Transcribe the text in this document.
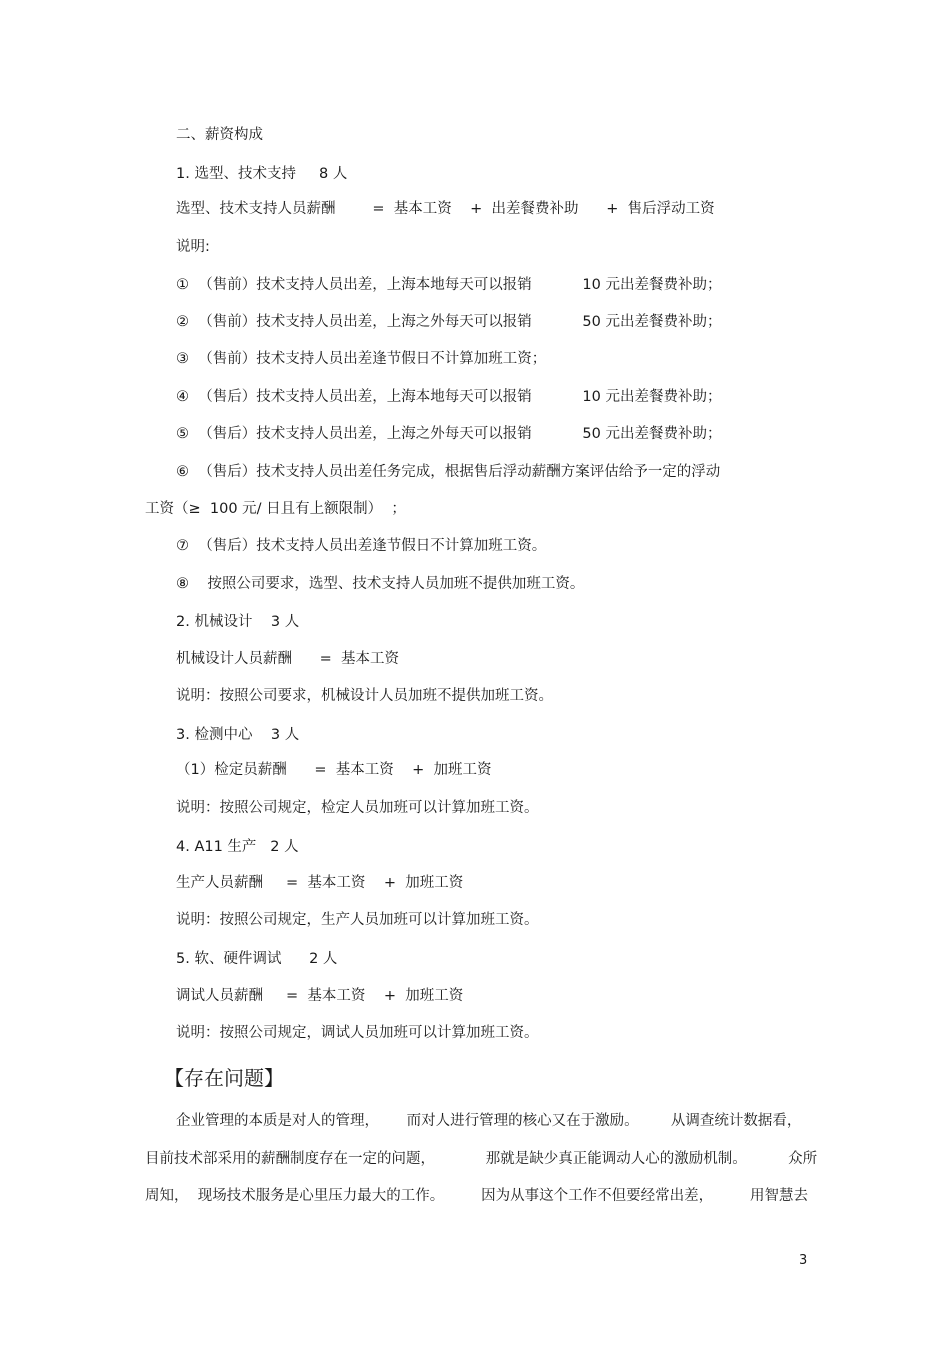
二、薪资构成
1. 选型、技术支持     8 人
选型、技术支持人员薪酬        =  基本工资    +  出差餐费补助      +  售后浮动工资
说明:
①  （售前）技术支持人员出差，上海本地每天可以报销           10 元出差餐费补助；
②  （售前）技术支持人员出差，上海之外每天可以报销           50 元出差餐费补助；
③  （售前）技术支持人员出差逢节假日不计算加班工资；
④  （售后）技术支持人员出差，上海本地每天可以报销           10 元出差餐费补助；
⑤  （售后）技术支持人员出差，上海之外每天可以报销           50 元出差餐费补助；
⑥  （售后）技术支持人员出差任务完成，根据售后浮动薪酬方案评估给予一定的浮动
工资（≥  100 元/ 日且有上额限制）  ；
⑦  （售后）技术支持人员出差逢节假日不计算加班工资。
⑧    按照公司要求，选型、技术支持人员加班不提供加班工资。
2. 机械设计    3 人
机械设计人员薪酬      =  基本工资
说明：按照公司要求，机械设计人员加班不提供加班工资。
3. 检测中心    3 人
（1）检定员薪酬      =  基本工资    +  加班工资
说明：按照公司规定，检定人员加班可以计算加班工资。
4. A11 生产   2 人
生产人员薪酬     =  基本工资    +  加班工资
说明：按照公司规定，生产人员加班可以计算加班工资。
5. 软、硬件调试      2 人
调试人员薪酬     =  基本工资    +  加班工资
说明：按照公司规定，调试人员加班可以计算加班工资。
【存在问题】
企业管理的本质是对人的管理，      而对人进行管理的核心又在于激励。       从调查统计数据看，
目前技术部采用的薪酬制度存在一定的问题，           那就是缺少真正能调动人心的激励机制。         众所
周知，  现场技术服务是心里压力最大的工作。        因为从事这个工作不但要经常出差，        用智慧去
3
